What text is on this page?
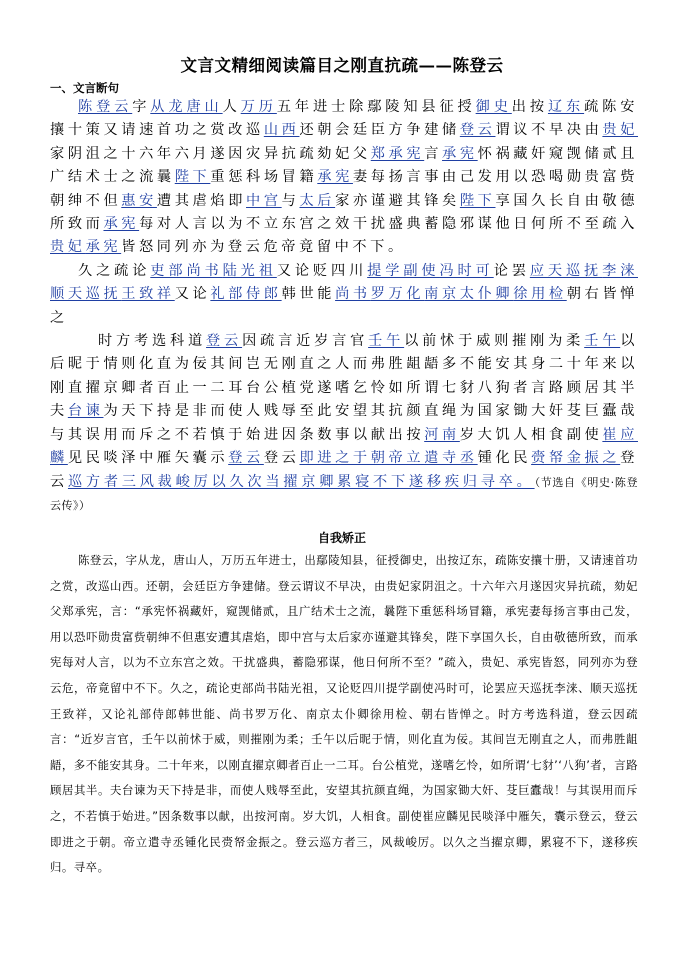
文言文精细阅读篇目之刚直抗疏——陈登云
一、文言断句

陈登云字从龙唐山人万历五年进士除鄢陵知县征授御史出按辽东疏陈安攘十策又请速首功之赏改巡山西还朝会廷臣方争建储登云谓议不早决由贵妃家阴沮之十六年六月遂因灾异抗疏劾妃父郑承宪言承宪怀祸藏奸窥觊储贰且广结术士之流曩陛下重惩科场冒籍承宪妻每扬言事由己发用以恐喝勋贵富赀朝绅不但惠安遭其虐焰即中宫与太后家亦谨避其锋矣陛下享国久长自由敬德所致而承宪每对人言以为不立东宫之效干扰盛典蓄隐邪谋他日何所不至疏入贵妃承宪皆怒同列亦为登云危帝竟留中不下。

久之疏论吏部尚书陆光祖又论贬四川提学副使冯时可论罢应天巡抚李涞顺天巡抚王致祥又论礼部侍郎韩世能尚书罗万化南京太仆卿徐用检朝右皆惮之

时方考选科道登云因疏言近岁言官壬午以前怵于威则摧刚为柔壬午以后昵于情则化直为佞其间岂无刚直之人而弗胜龃龉多不能安其身二十年来以刚直擢京卿者百止一二耳台公植党遂嗜乞怜如所谓七豺八狗者言路顾居其半夫台谏为天下持是非而使人贱辱至此安望其抗颜直绳为国家锄大奸芟巨蠹哉与其误用而斥之不若慎于始进因条数事以献出按河南岁大饥人相食副使崔应麟见民啖泽中雁矢囊示登云登云即进之于朝帝立遣寺丞锺化民赍帑金振之登云巡方者三风裁峻厉以久次当擢京卿累寝不下遂移疾归寻卒。（节选自《明史·陈登云传》）

自我矫正

陈登云，字从龙，唐山人，万历五年进士，出鄢陵知县，征授御史，出按辽东，疏陈安攘十册，又请速首功之赏，改巡山西。还朝，会廷臣方争建储。登云谓议不早决，由贵妃家阴沮之。十六年六月遂因灾异抗疏，劾妃父郑承宪，言：“承宪怀祸藏奸，窥觊储贰，且广结术士之流，曩陛下重惩科场冒籍，承宪妻每扬言事由己发，用以恐吓勋贵富赀朝绅不但惠安遭其虐焰，即中宫与太后家亦谨避其锋矣，陛下享国久长，自由敬德所致，而承宪每对人言，以为不立东宫之效。干扰盛典，蓄隐邪谋，他日何所不至？”疏入，贵妃、承宪皆怒，同列亦为登云危，帝竟留中不下。久之，疏论吏部尚书陆光祖，又论贬四川提学副使冯时可，论罢应天巡抚李涞、顺天巡抚王致祥，又论礼部侍郎韩世能、尚书罗万化、南京太仆卿徐用检、朝右皆惮之。时方考选科道，登云因疏言：“近岁言官，壬午以前怵于威，则摧刚为柔；壬午以后昵于情，则化直为佞。其间岂无刚直之人，而弗胜龃龉，多不能安其身。二十年来，以刚直擢京卿者百止一二耳。台公植党，遂嗜乞怜，如所谓‘七豺’‘八狗’者，言路顾居其半。夫台谏为天下持是非，而使人贱辱至此，安望其抗颜直绳，为国家锄大奸、芟巨蠹哉！与其误用而斥之，不若慎于始进。”因条数事以献，出按河南。岁大饥，人相食。副使崔应麟见民啖泽中雁矢，囊示登云，登云即进之于朝。帝立遣寺丞锺化民赍帑金振之。登云巡方者三，风裁峻厉。以久之当擢京卿，累寝不下，遂移疾归。寻卒。
